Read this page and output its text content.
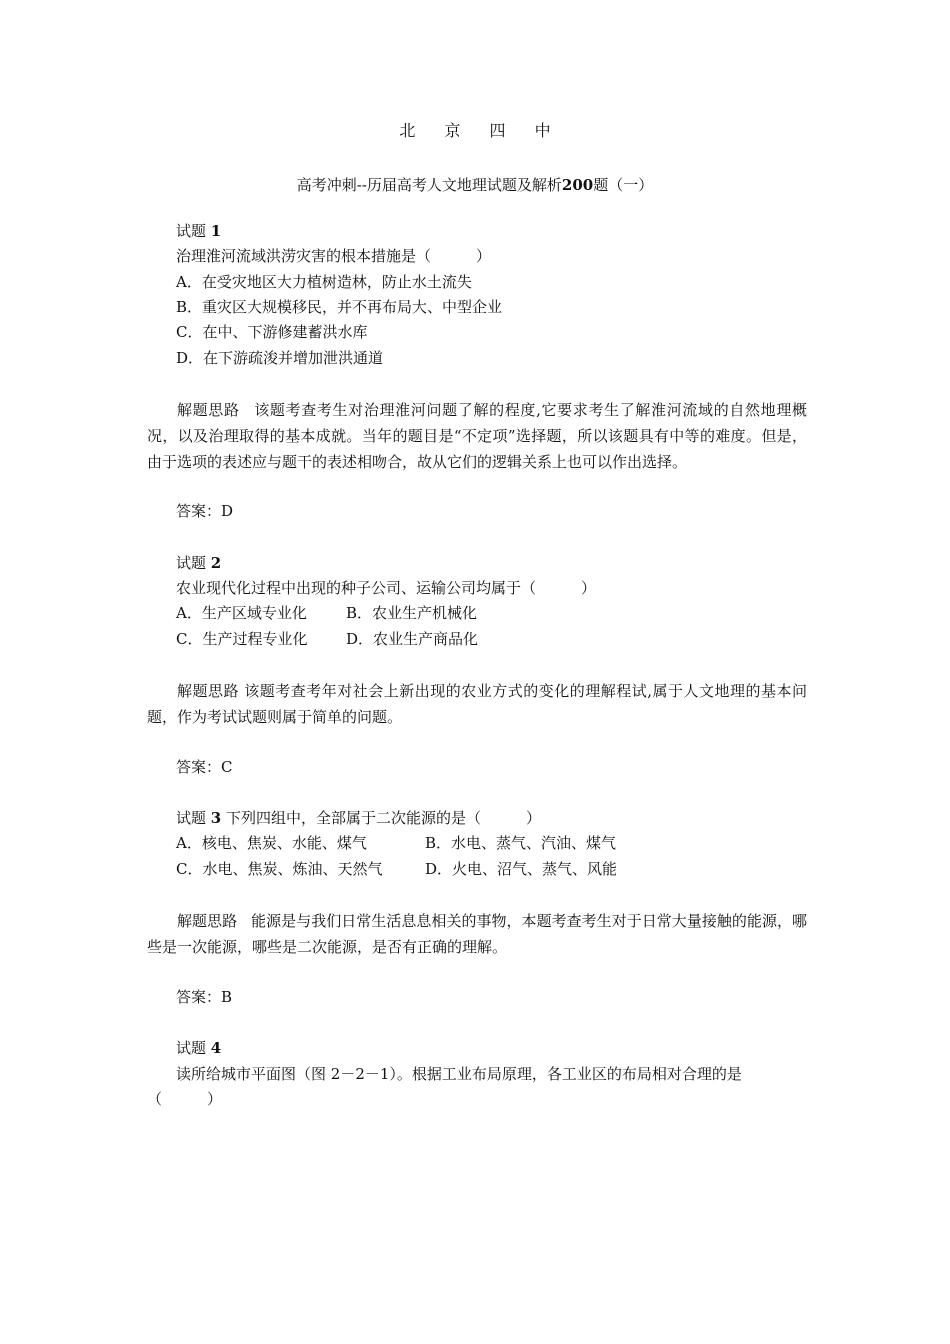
北 京 四 中
高考冲刺--历届高考人文地理试题及解析200题（一）
试题 1
治理淮河流域洪涝灾害的根本措施是（　　　）
A．在受灾地区大力植树造林，防止水土流失
B．重灾区大规模移民，并不再布局大、中型企业
C．在中、下游修建蓄洪水库
D．在下游疏浚并增加泄洪通道
解题思路 该题考查考生对治理淮河问题了解的程度,它要求考生了解淮河流域的自然地理概况，以及治理取得的基本成就。当年的题目是“不定项”选择题，所以该题具有中等的难度。但是，由于选项的表述应与题干的表述相吻合，故从它们的逻辑关系上也可以作出选择。
答案：D
试题 2
农业现代化过程中出现的种子公司、运输公司均属于（　　　）
A．生产区域专业化	B．农业生产机械化
C．生产过程专业化	D．农业生产商品化
解题思路 该题考查考年对社会上新出现的农业方式的变化的理解程试,属于人文地理的基本问题，作为考试试题则属于简单的问题。
答案：C
试题 3 下列四组中，全部属于二次能源的是（　　　）
A．核电、焦炭、水能、煤气	B．水电、蒸气、汽油、煤气
C．水电、焦炭、炼油、天然气	D．火电、沼气、蒸气、风能
解题思路 能源是与我们日常生活息息相关的事物，本题考查考生对于日常大量接触的能源，哪些是一次能源，哪些是二次能源，是否有正确的理解。
答案：B
试题 4
读所给城市平面图（图 2－2－1）。根据工业布局原理，各工业区的布局相对合理的是
（　　　）
